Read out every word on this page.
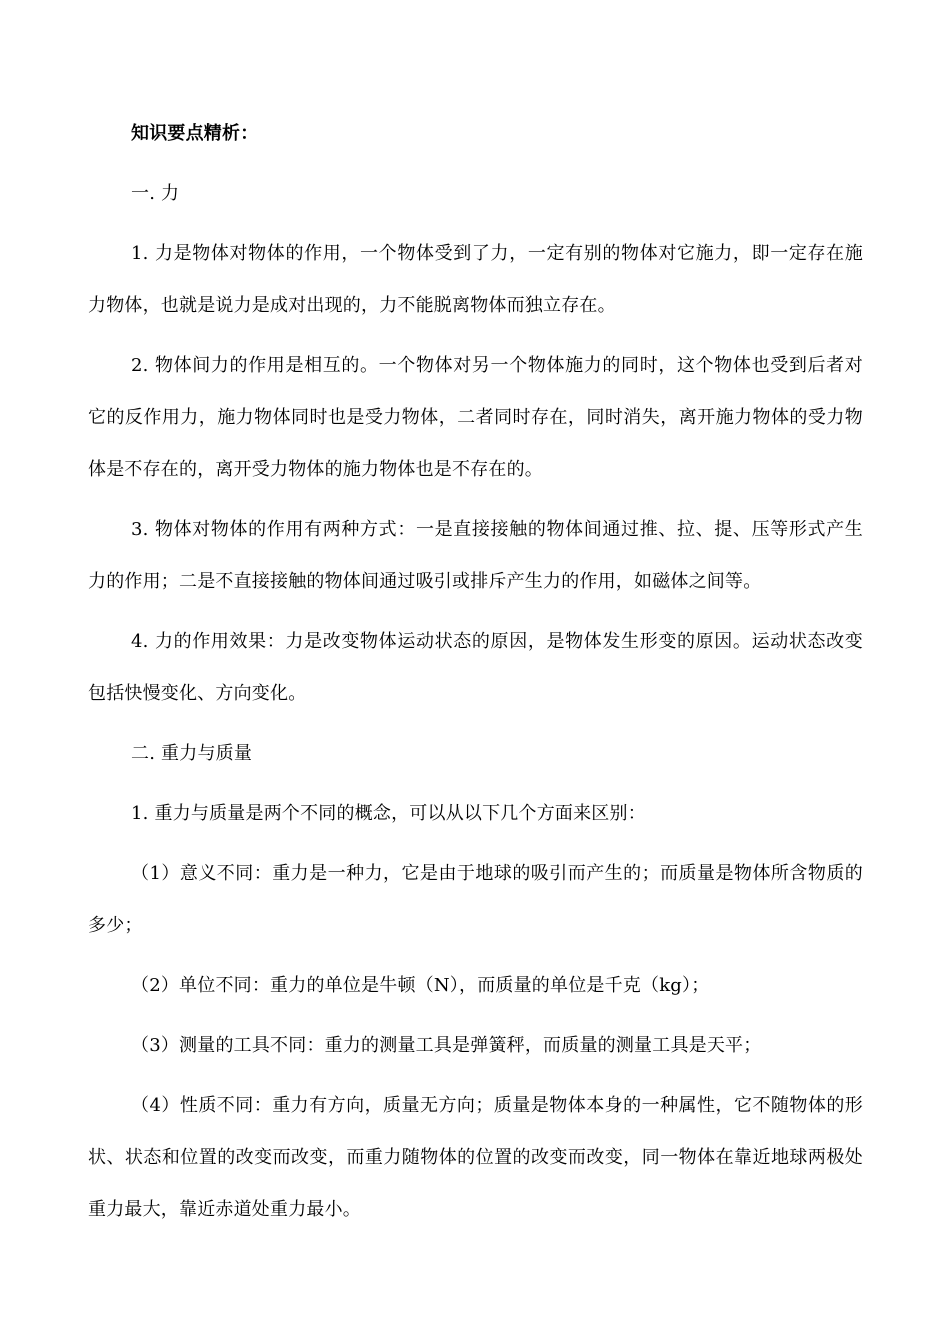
知识要点精析：

一. 力

1. 力是物体对物体的作用，一个物体受到了力，一定有别的物体对它施力，即一定存在施力物体，也就是说力是成对出现的，力不能脱离物体而独立存在。

2. 物体间力的作用是相互的。一个物体对另一个物体施力的同时，这个物体也受到后者对它的反作用力，施力物体同时也是受力物体，二者同时存在，同时消失，离开施力物体的受力物体是不存在的，离开受力物体的施力物体也是不存在的。

3. 物体对物体的作用有两种方式：一是直接接触的物体间通过推、拉、提、压等形式产生力的作用；二是不直接接触的物体间通过吸引或排斥产生力的作用，如磁体之间等。

4. 力的作用效果：力是改变物体运动状态的原因，是物体发生形变的原因。运动状态改变包括快慢变化、方向变化。

二. 重力与质量

1. 重力与质量是两个不同的概念，可以从以下几个方面来区别：

（1）意义不同：重力是一种力，它是由于地球的吸引而产生的；而质量是物体所含物质的多少；

（2）单位不同：重力的单位是牛顿（N），而质量的单位是千克（kg）；

（3）测量的工具不同：重力的测量工具是弹簧秤，而质量的测量工具是天平；

（4）性质不同：重力有方向，质量无方向；质量是物体本身的一种属性，它不随物体的形状、状态和位置的改变而改变，而重力随物体的位置的改变而改变，同一物体在靠近地球两极处重力最大，靠近赤道处重力最小。
